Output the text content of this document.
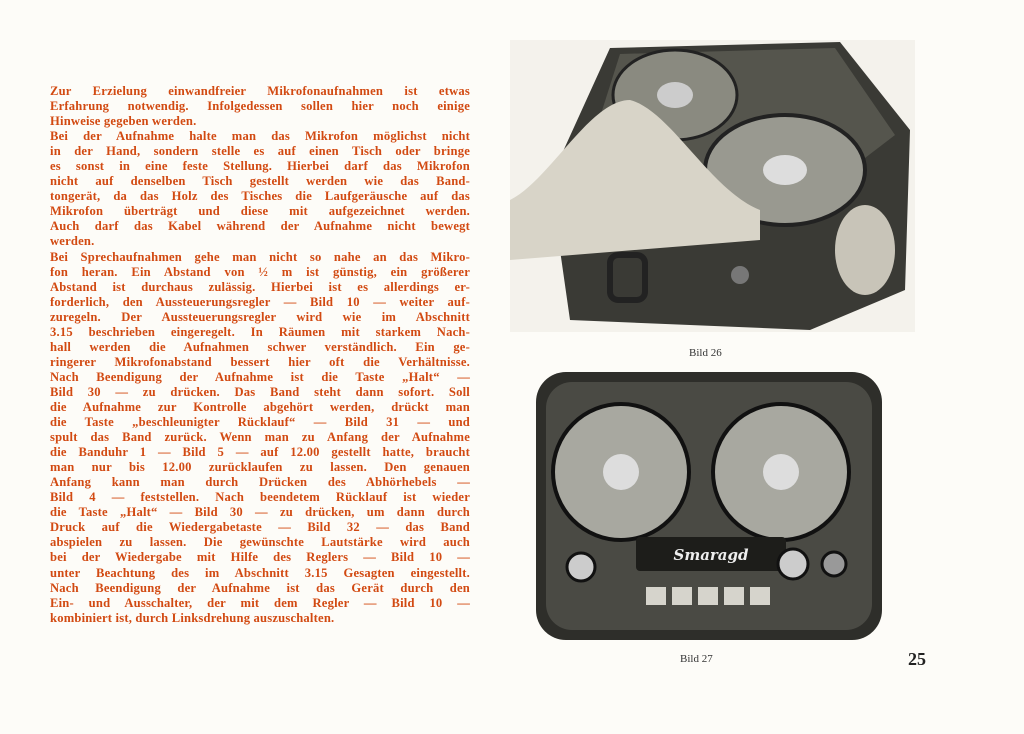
Zur Erzielung einwandfreier Mikrofonaufnahmen ist etwas
Erfahrung notwendig. Infolgedessen sollen hier noch einige
Hinweise gegeben werden.
Bei der Aufnahme halte man das Mikrofon möglichst nicht
in der Hand, sondern stelle es auf einen Tisch oder bringe
es sonst in eine feste Stellung. Hierbei darf das Mikrofon
nicht auf denselben Tisch gestellt werden wie das Band-
tongerät, da das Holz des Tisches die Laufgeräusche auf das
Mikrofon überträgt und diese mit aufgezeichnet werden.
Auch darf das Kabel während der Aufnahme nicht bewegt
werden.
Bei Sprechaufnahmen gehe man nicht so nahe an das Mikro-
fon heran. Ein Abstand von ½ m ist günstig, ein größerer
Abstand ist durchaus zulässig. Hierbei ist es allerdings er-
forderlich, den Aussteuerungsregler — Bild 10 — weiter auf-
zuregeln. Der Aussteuerungsregler wird wie im Abschnitt
3.15 beschrieben eingeregelt. In Räumen mit starkem Nach-
hall werden die Aufnahmen schwer verständlich. Ein ge-
ringerer Mikrofonabstand bessert hier oft die Verhältnisse.
Nach Beendigung der Aufnahme ist die Taste „Halt“ —
Bild 30 — zu drücken. Das Band steht dann sofort. Soll
die Aufnahme zur Kontrolle abgehört werden, drückt man
die Taste „beschleunigter Rücklauf“ — Bild 31 — und
spult das Band zurück. Wenn man zu Anfang der Aufnahme
die Banduhr 1 — Bild 5 — auf 12.00 gestellt hatte, braucht
man nur bis 12.00 zurücklaufen zu lassen. Den genauen
Anfang kann man durch Drücken des Abhörhebels —
Bild 4 — feststellen. Nach beendetem Rücklauf ist wieder
die Taste „Halt“ — Bild 30 — zu drücken, um dann durch
Druck auf die Wiedergabetaste — Bild 32 — das Band
abspielen zu lassen. Die gewünschte Lautstärke wird auch
bei der Wiedergabe mit Hilfe des Reglers — Bild 10 —
unter Beachtung des im Abschnitt 3.15 Gesagten eingestellt.
Nach Beendigung der Aufnahme ist das Gerät durch den
Ein- und Ausschalter, der mit dem Regler — Bild 10 —
kombiniert ist, durch Linksdrehung auszuschalten.
Bild 26
Smaragd
Bild 27	25
